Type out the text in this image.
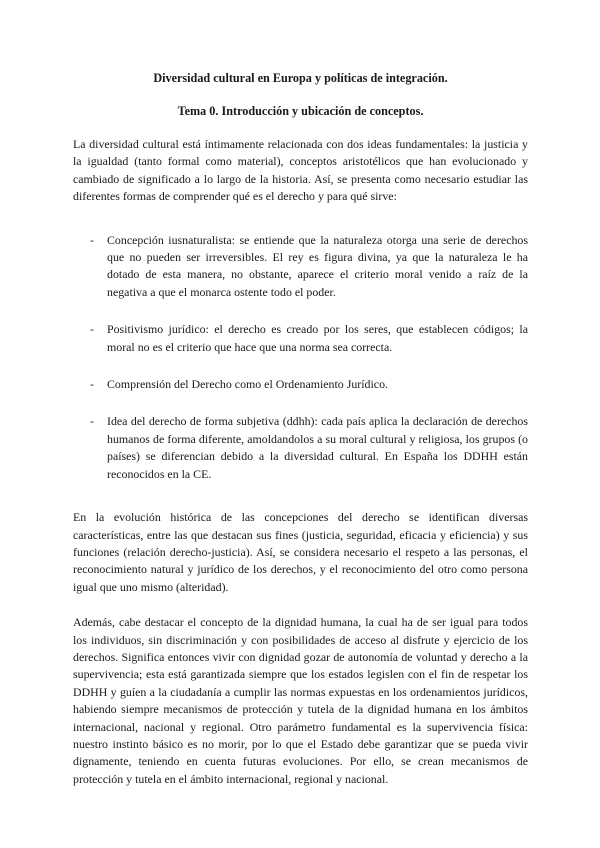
Diversidad cultural en Europa y políticas de integración.
Tema 0. Introducción y ubicación de conceptos.

La diversidad cultural está íntimamente relacionada con dos ideas fundamentales: la justicia y la igualdad (tanto formal como material), conceptos aristotélicos que han evolucionado y cambiado de significado a lo largo de la historia. Así, se presenta como necesario estudiar las diferentes formas de comprender qué es el derecho y para qué sirve:

- Concepción iusnaturalista: se entiende que la naturaleza otorga una serie de derechos que no pueden ser irreversibles. El rey es figura divina, ya que la naturaleza le ha dotado de esta manera, no obstante, aparece el criterio moral venido a raíz de la negativa a que el monarca ostente todo el poder.
- Positivismo jurídico: el derecho es creado por los seres, que establecen códigos; la moral no es el criterio que hace que una norma sea correcta.
- Comprensión del Derecho como el Ordenamiento Jurídico.
- Idea del derecho de forma subjetiva (ddhh): cada país aplica la declaración de derechos humanos de forma diferente, amoldandolos a su moral cultural y religiosa, los grupos (o países) se diferencian debido a la diversidad cultural. En España los DDHH están reconocidos en la CE.

En la evolución histórica de las concepciones del derecho se identifican diversas características, entre las que destacan sus fines (justicia, seguridad, eficacia y eficiencia) y sus funciones (relación derecho-justicia). Así, se considera necesario el respeto a las personas, el reconocimiento natural y jurídico de los derechos, y el reconocimiento del otro como persona igual que uno mismo (alteridad).

Además, cabe destacar el concepto de la dignidad humana, la cual ha de ser igual para todos los individuos, sin discriminación y con posibilidades de acceso al disfrute y ejercicio de los derechos. Significa entonces vivir con dignidad gozar de autonomía de voluntad y derecho a la supervivencia; esta está garantizada siempre que los estados legislen con el fin de respetar los DDHH y guíen a la ciudadanía a cumplir las normas expuestas en los ordenamientos jurídicos, habiendo siempre mecanismos de protección y tutela de la dignidad humana en los ámbitos internacional, nacional y regional. Otro parámetro fundamental es la supervivencia física: nuestro instinto básico es no morir, por lo que el Estado debe garantizar que se pueda vivir dignamente, teniendo en cuenta futuras evoluciones. Por ello, se crean mecanismos de protección y tutela en el ámbito internacional, regional y nacional.
